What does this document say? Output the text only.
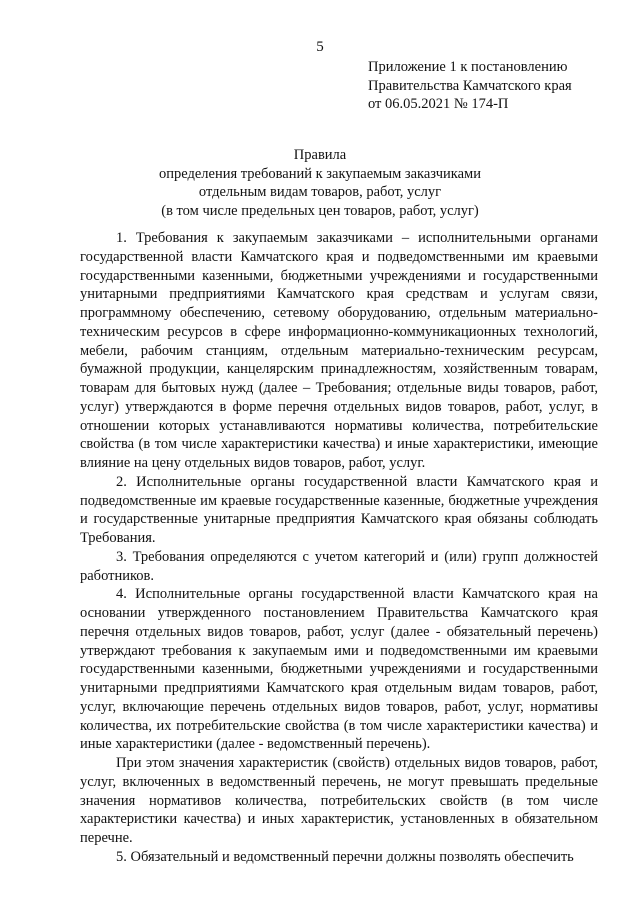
5
Приложение 1 к постановлению
Правительства Камчатского края
от 06.05.2021 № 174-П
Правила
определения требований к закупаемым заказчиками
отдельным видам товаров, работ, услуг
(в том числе предельных цен товаров, работ, услуг)

1. Требования к закупаемым заказчиками – исполнительными органами государственной власти Камчатского края и подведомственными им краевыми государственными казенными, бюджетными учреждениями и государственными унитарными предприятиями Камчатского края средствам и услугам связи, программному обеспечению, сетевому оборудованию, отдельным материально-техническим ресурсов в сфере информационно-коммуникационных технологий, мебели, рабочим станциям, отдельным материально-техническим ресурсам, бумажной продукции, канцелярским принадлежностям, хозяйственным товарам, товарам для бытовых нужд (далее – Требования; отдельные виды товаров, работ, услуг) утверждаются в форме перечня отдельных видов товаров, работ, услуг, в отношении которых устанавливаются нормативы количества, потребительские свойства (в том числе характеристики качества) и иные характеристики, имеющие влияние на цену отдельных видов товаров, работ, услуг.

2. Исполнительные органы государственной власти Камчатского края и подведомственные им краевые государственные казенные, бюджетные учреждения и государственные унитарные предприятия Камчатского края обязаны соблюдать Требования.

3. Требования определяются с учетом категорий и (или) групп должностей работников.

4. Исполнительные органы государственной власти Камчатского края на основании утвержденного постановлением Правительства Камчатского края перечня отдельных видов товаров, работ, услуг (далее - обязательный перечень) утверждают требования к закупаемым ими и подведомственными им краевыми государственными казенными, бюджетными учреждениями и государственными унитарными предприятиями Камчатского края отдельным видам товаров, работ, услуг, включающие перечень отдельных видов товаров, работ, услуг, нормативы количества, их потребительские свойства (в том числе характеристики качества) и иные характеристики (далее - ведомственный перечень).

При этом значения характеристик (свойств) отдельных видов товаров, работ, услуг, включенных в ведомственный перечень, не могут превышать предельные значения нормативов количества, потребительских свойств (в том числе характеристики качества) и иных характеристик, установленных в обязательном перечне.

5. Обязательный и ведомственный перечни должны позволять обеспечить
